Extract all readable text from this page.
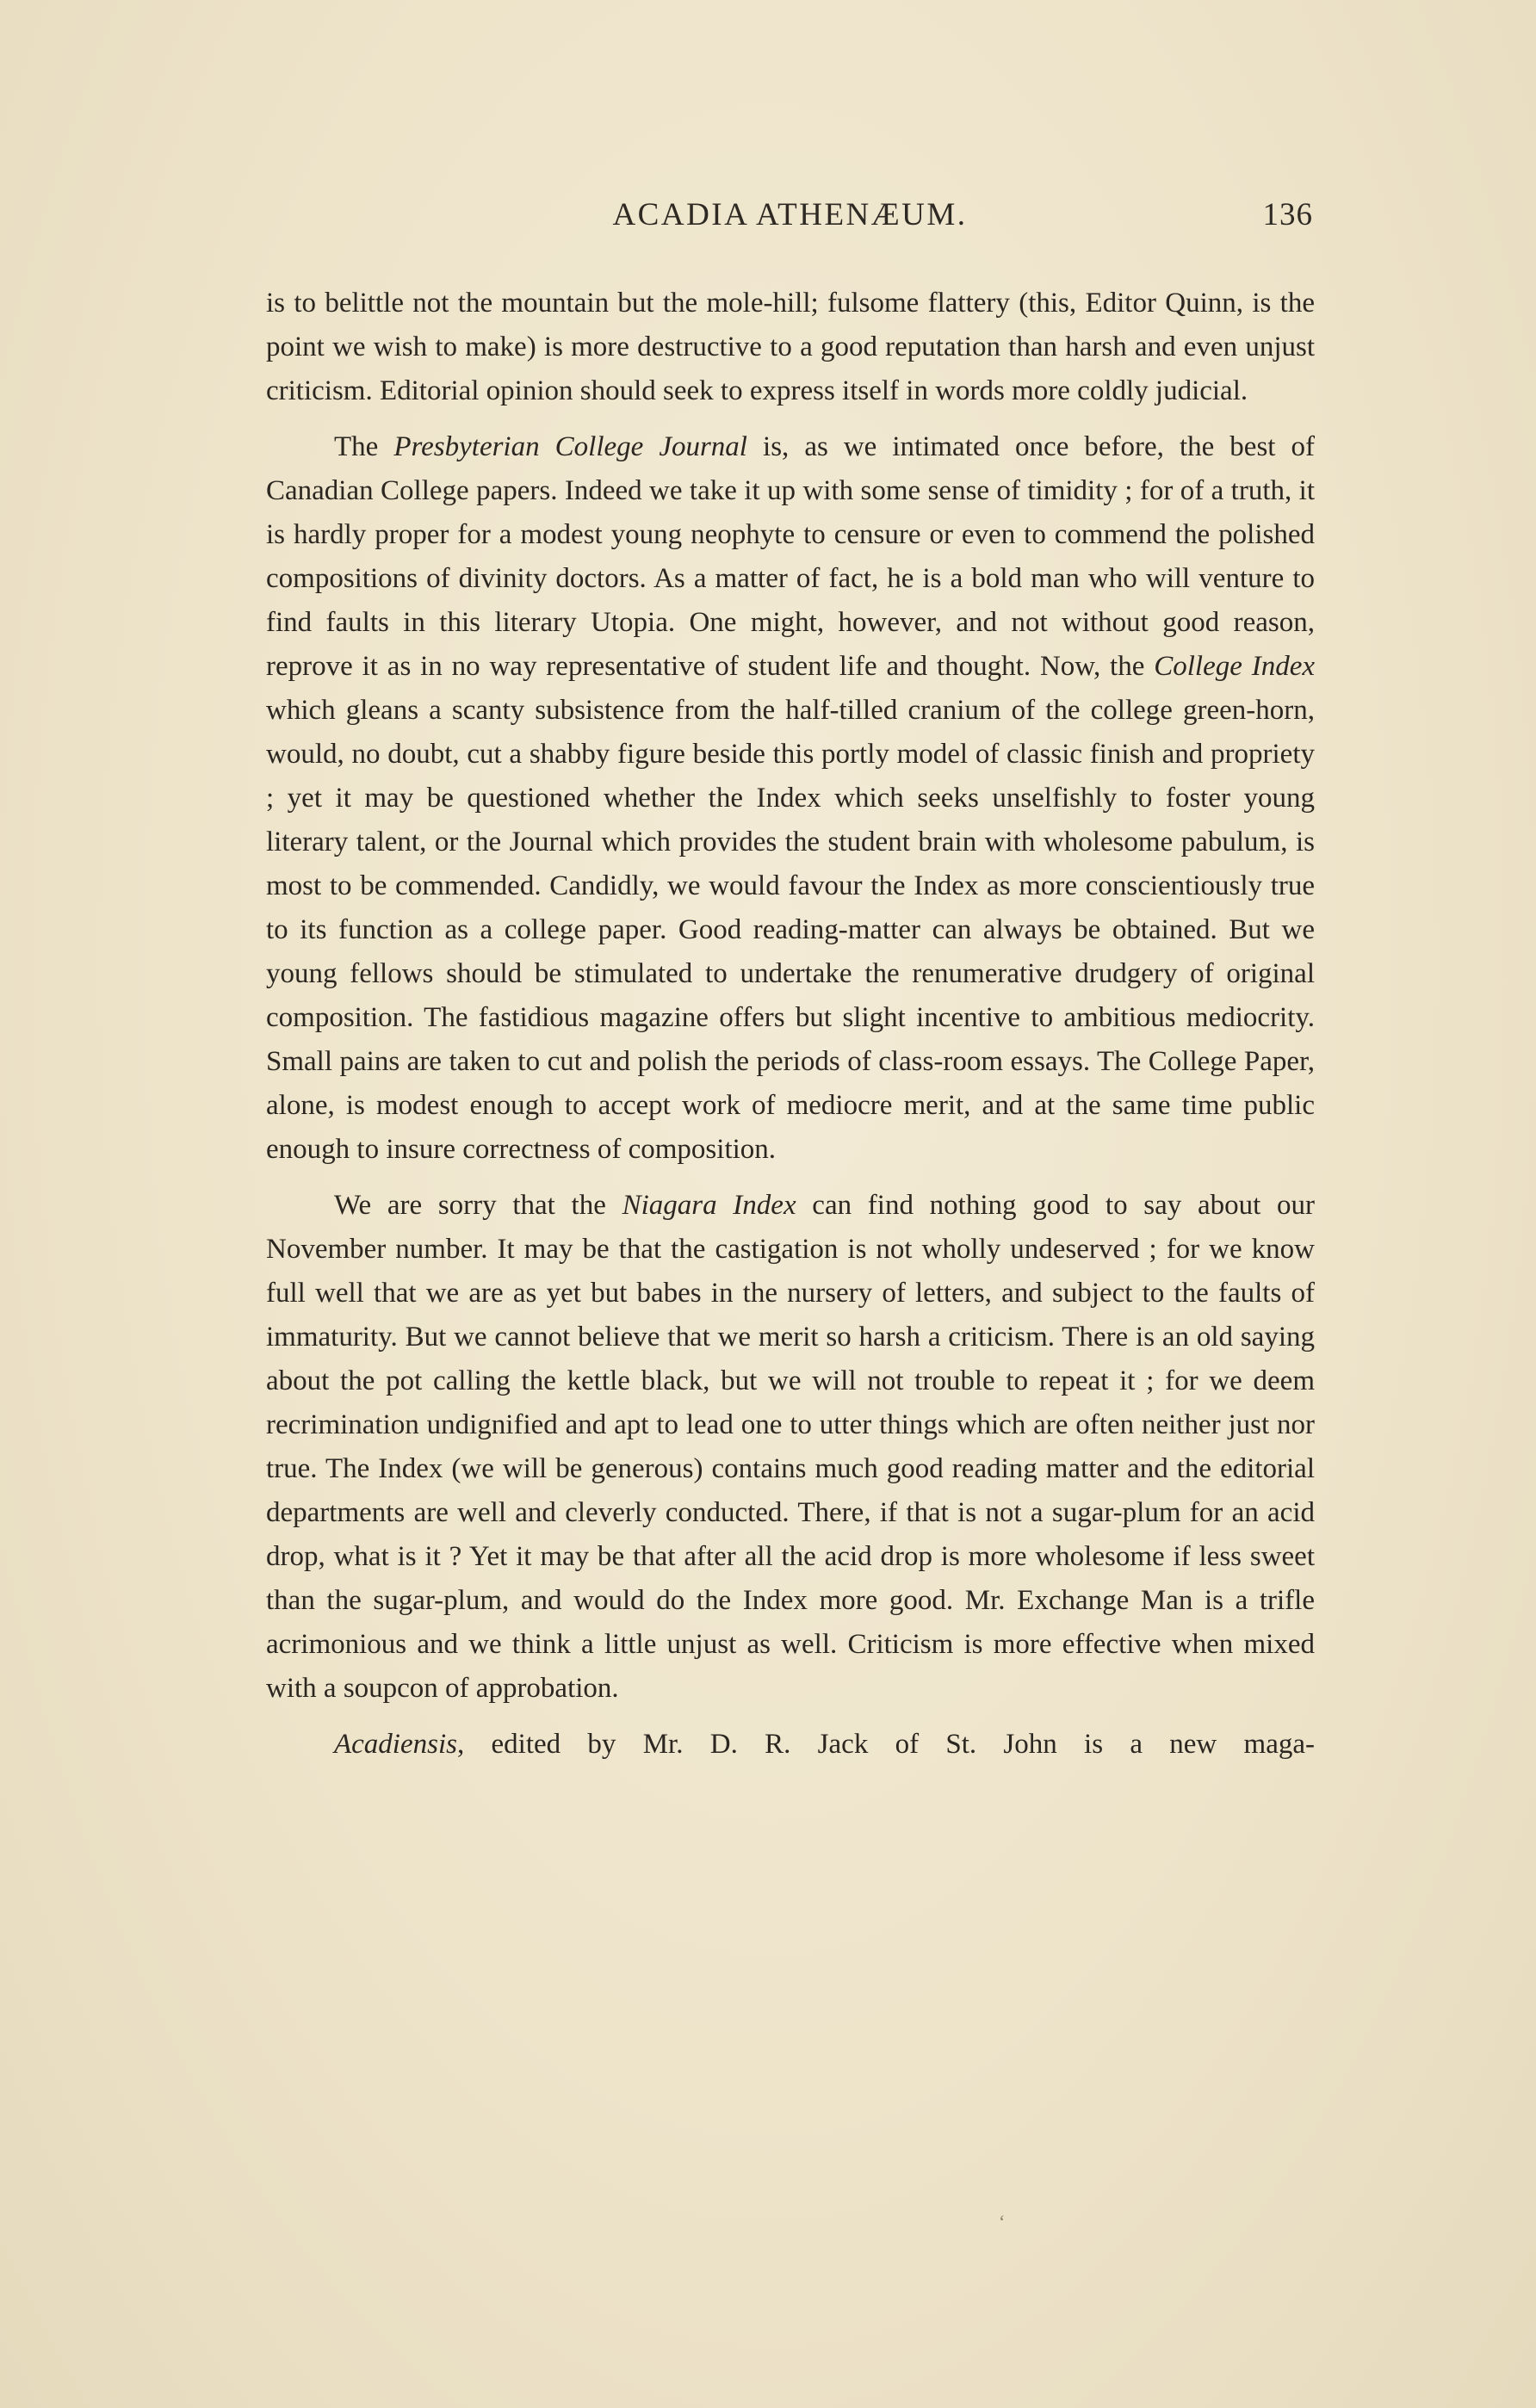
ACADIA ATHENÆUM.	136

is to belittle not the mountain but the mole-hill; fulsome flattery (this, Editor Quinn, is the point we wish to make) is more destructive to a good reputation than harsh and even unjust criticism. Editorial opinion should seek to express itself in words more coldly judicial.

The Presbyterian College Journal is, as we intimated once before, the best of Canadian College papers. Indeed we take it up with some sense of timidity ; for of a truth, it is hardly proper for a modest young neophyte to censure or even to commend the polished compositions of divinity doctors. As a matter of fact, he is a bold man who will venture to find faults in this literary Utopia. One might, however, and not without good reason, reprove it as in no way representative of student life and thought. Now, the College Index which gleans a scanty subsistence from the half-tilled cranium of the college green-horn, would, no doubt, cut a shabby figure beside this portly model of classic finish and propriety ; yet it may be questioned whether the Index which seeks unselfishly to foster young literary talent, or the Journal which provides the student brain with wholesome pabulum, is most to be commended. Candidly, we would favour the Index as more conscientiously true to its function as a college paper. Good reading-matter can always be obtained. But we young fellows should be stimulated to undertake the renumerative drudgery of original composition. The fastidious magazine offers but slight incentive to ambitious mediocrity. Small pains are taken to cut and polish the periods of class-room essays. The College Paper, alone, is modest enough to accept work of mediocre merit, and at the same time public enough to insure correctness of composition.

We are sorry that the Niagara Index can find nothing good to say about our November number. It may be that the castigation is not wholly undeserved ; for we know full well that we are as yet but babes in the nursery of letters, and subject to the faults of immaturity. But we cannot believe that we merit so harsh a criticism. There is an old saying about the pot calling the kettle black, but we will not trouble to repeat it ; for we deem recrimination undignified and apt to lead one to utter things which are often neither just nor true. The Index (we will be generous) contains much good reading matter and the editorial departments are well and cleverly conducted. There, if that is not a sugar-plum for an acid drop, what is it ? Yet it may be that after all the acid drop is more wholesome if less sweet than the sugar-plum, and would do the Index more good. Mr. Exchange Man is a trifle acrimonious and we think a little unjust as well. Criticism is more effective when mixed with a soupcon of approbation.

Acadiensis, edited by Mr. D. R. Jack of St. John is a new maga-

‘
